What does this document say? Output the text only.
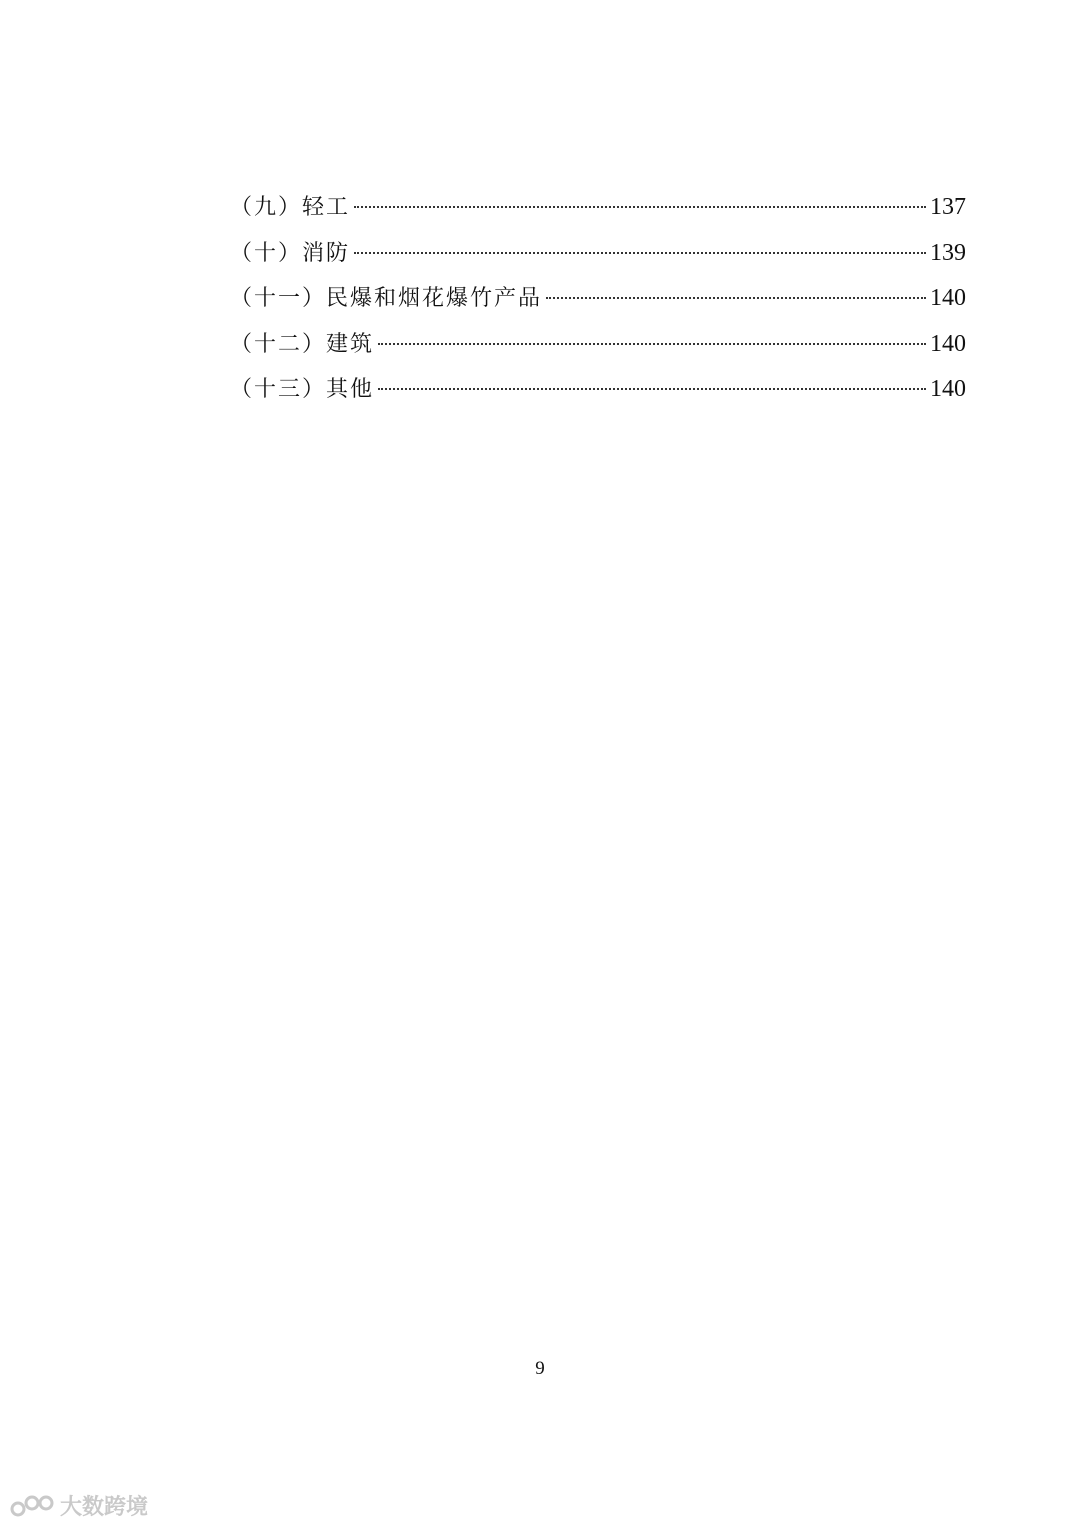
（九）轻工	137
（十）消防	139
（十一）民爆和烟花爆竹产品	140
（十二）建筑	140
（十三）其他	140
9
大数跨境
